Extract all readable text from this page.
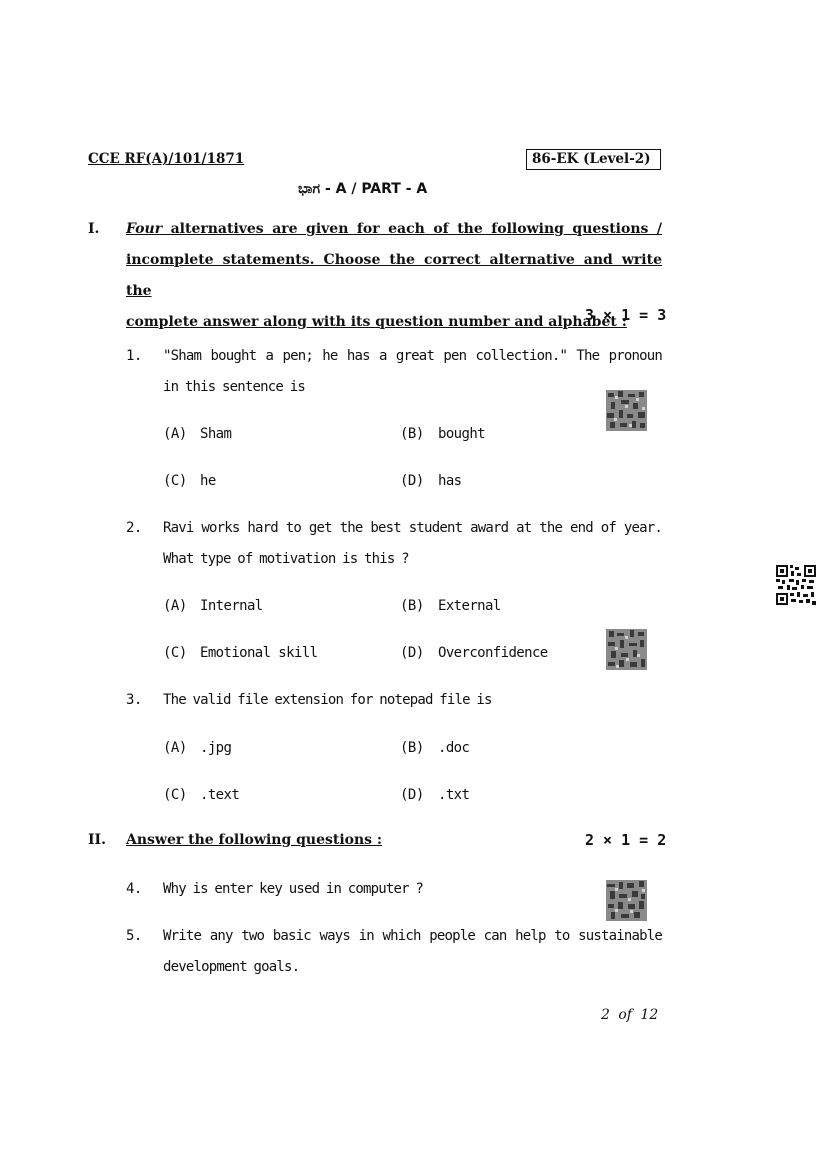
CCE RF(A)/101/1871	86-EK (Level-2)
ಭಾಗ - A / PART - A
I. Four alternatives are given for each of the following questions /
incomplete statements. Choose the correct alternative and write the
complete answer along with its question number and alphabet :
3 × 1 = 3
1. "Sham bought a pen; he has a great pen collection." The pronoun
in this sentence is
(A) Sham	(B) bought
(C) he	(D) has
2. Ravi works hard to get the best student award at the end of year.
What type of motivation is this ?
(A) Internal	(B) External
(C) Emotional skill	(D) Overconfidence
3. The valid file extension for notepad file is
(A) .jpg	(B) .doc
(C) .text	(D) .txt
II. Answer the following questions :	2 × 1 = 2
4. Why is enter key used in computer ?
5. Write any two basic ways in which people can help to sustainable
development goals.
2 of 12
